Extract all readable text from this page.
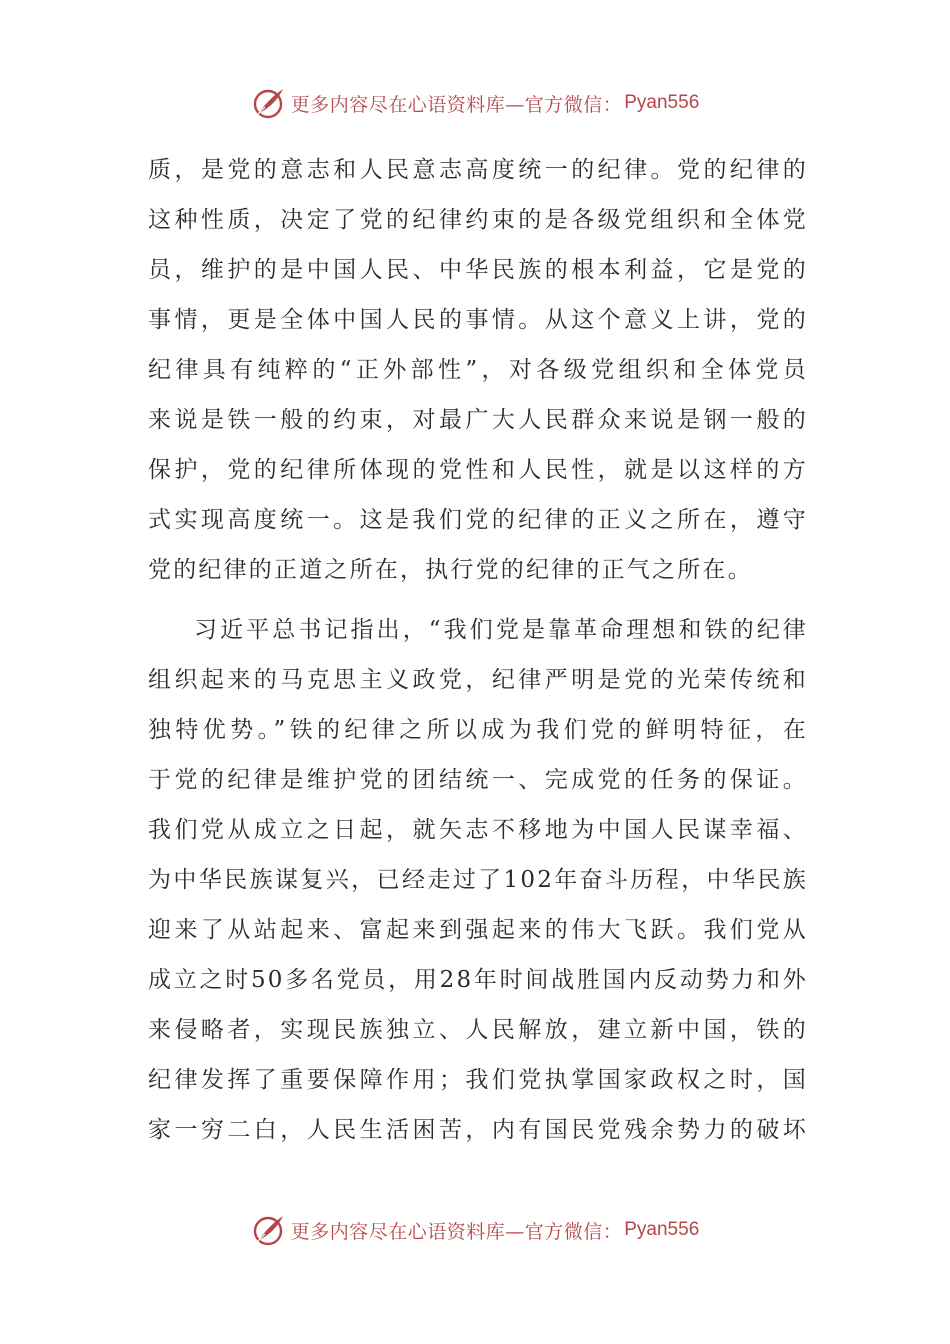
更多内容尽在心语资料库—官方微信： Pyan556
质，是党的意志和人民意志高度统一的纪律。党的纪律的
这种性质，决定了党的纪律约束的是各级党组织和全体党
员，维护的是中国人民、中华民族的根本利益，它是党的
事情，更是全体中国人民的事情。从这个意义上讲，党的
纪律具有纯粹的“正外部性”，对各级党组织和全体党员
来说是铁一般的约束，对最广大人民群众来说是钢一般的
保护，党的纪律所体现的党性和人民性，就是以这样的方
式实现高度统一。这是我们党的纪律的正义之所在，遵守
党的纪律的正道之所在，执行党的纪律的正气之所在。
习近平总书记指出，“我们党是靠革命理想和铁的纪律
组织起来的马克思主义政党，纪律严明是党的光荣传统和
独特优势。”铁的纪律之所以成为我们党的鲜明特征，在
于党的纪律是维护党的团结统一、完成党的任务的保证。
我们党从成立之日起，就矢志不移地为中国人民谋幸福、
为中华民族谋复兴，已经走过了102年奋斗历程，中华民族
迎来了从站起来、富起来到强起来的伟大飞跃。我们党从
成立之时50多名党员，用28年时间战胜国内反动势力和外
来侵略者，实现民族独立、人民解放，建立新中国，铁的
纪律发挥了重要保障作用；我们党执掌国家政权之时，国
家一穷二白，人民生活困苦，内有国民党残余势力的破坏
更多内容尽在心语资料库—官方微信： Pyan556
